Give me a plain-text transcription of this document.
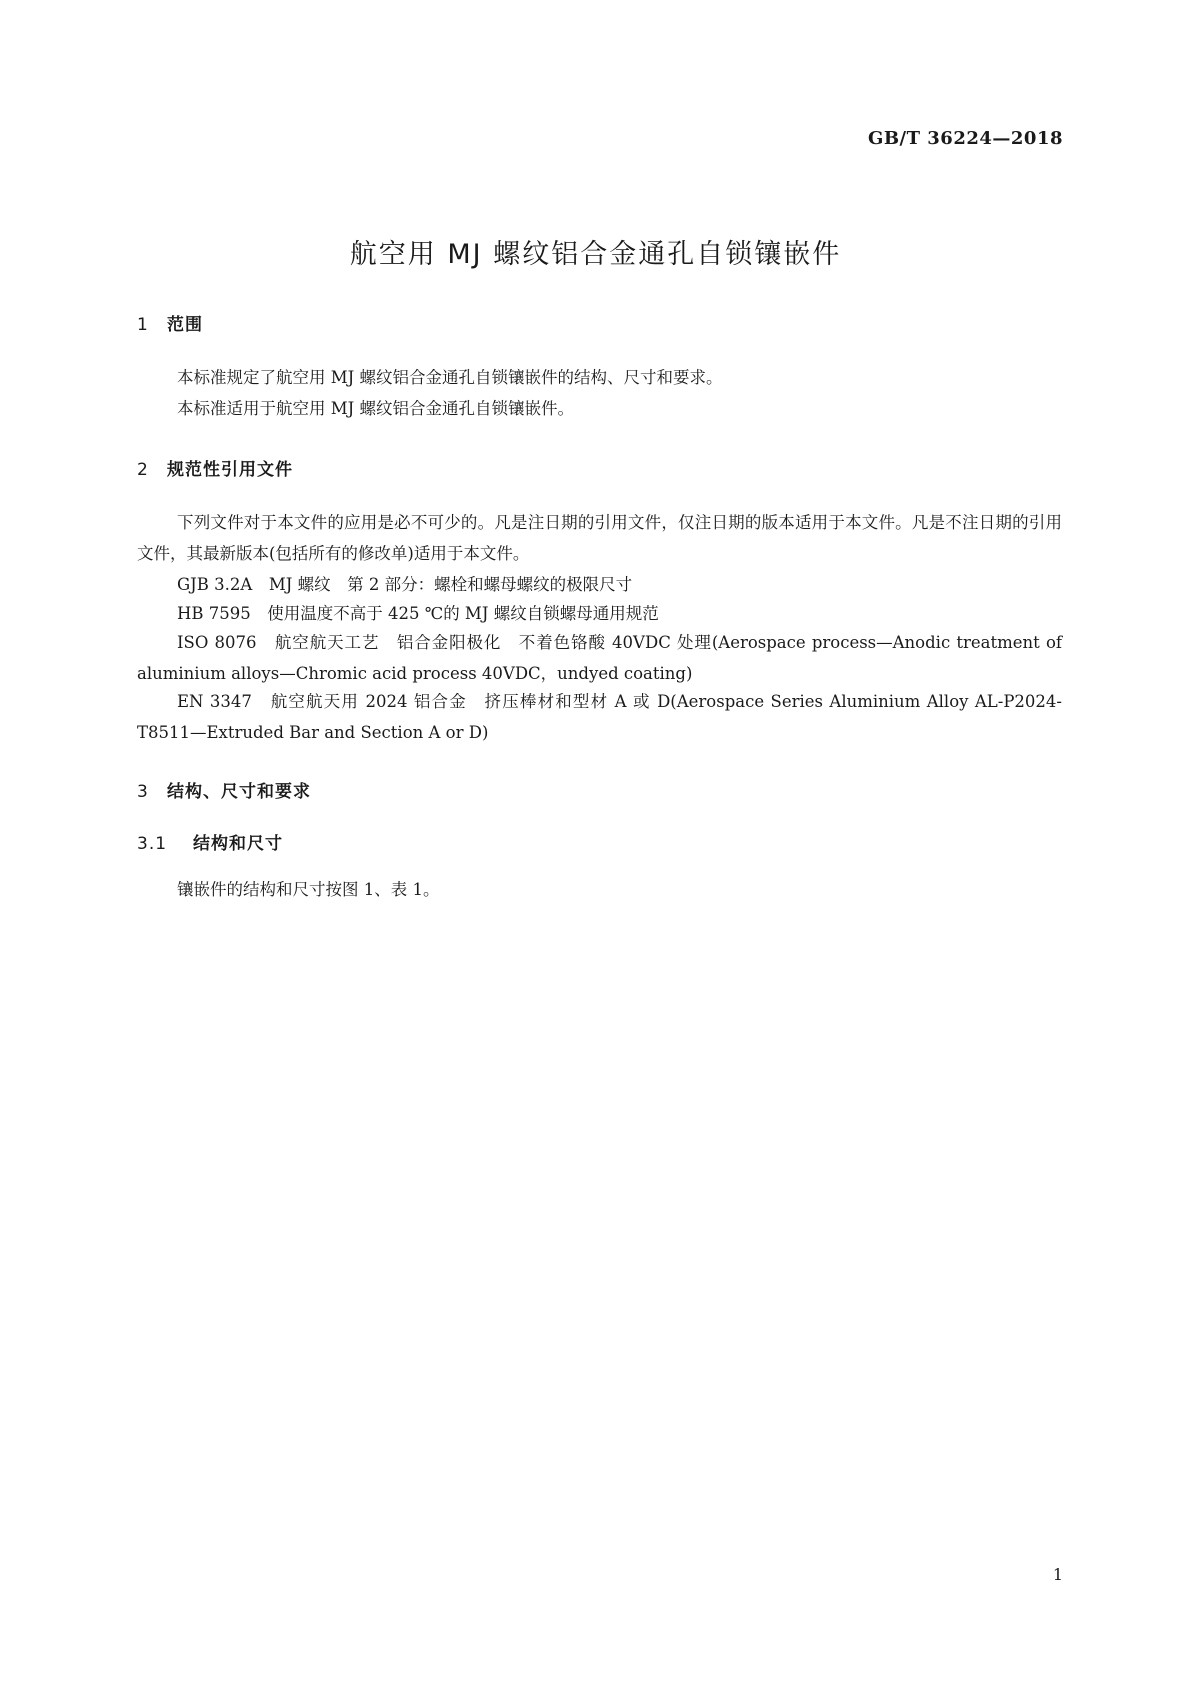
GB/T 36224—2018
航空用 MJ 螺纹铝合金通孔自锁镶嵌件
1 范围
本标准规定了航空用 MJ 螺纹铝合金通孔自锁镶嵌件的结构、尺寸和要求。
本标准适用于航空用 MJ 螺纹铝合金通孔自锁镶嵌件。
2 规范性引用文件
下列文件对于本文件的应用是必不可少的。凡是注日期的引用文件，仅注日期的版本适用于本文件。凡是不注日期的引用文件，其最新版本(包括所有的修改单)适用于本文件。
GJB 3.2A　MJ 螺纹　第 2 部分：螺栓和螺母螺纹的极限尺寸
HB 7595　使用温度不高于 425 ℃的 MJ 螺纹自锁螺母通用规范
ISO 8076　航空航天工艺　铝合金阳极化　不着色铬酸 40VDC 处理(Aerospace process—Anodic treatment of aluminium alloys—Chromic acid process 40VDC，undyed coating)
EN 3347　航空航天用 2024 铝合金　挤压棒材和型材 A 或 D(Aerospace Series Aluminium Alloy AL-P2024-T8511—Extruded Bar and Section A or D)
3 结构、尺寸和要求
3.1 结构和尺寸
镶嵌件的结构和尺寸按图 1、表 1。
1
